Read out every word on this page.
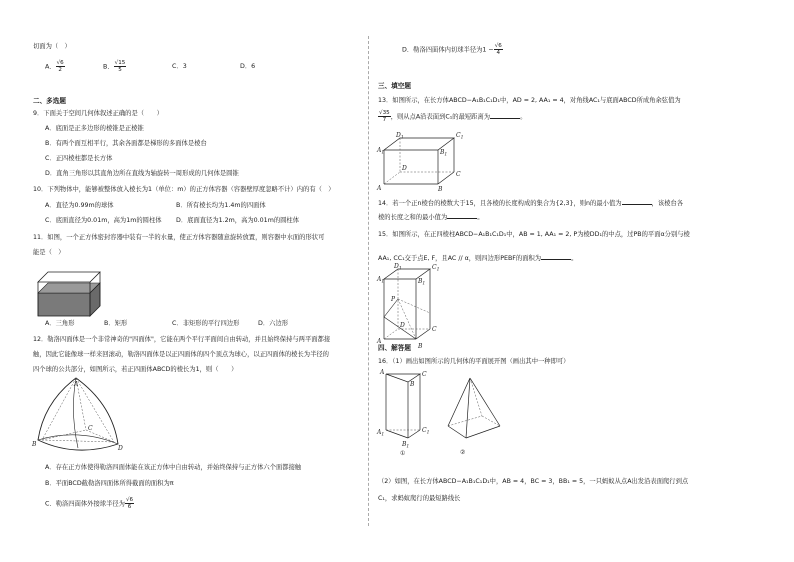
切面为（　）
A． $\frac{√6}{2}$	B． $\frac{√15}{5}$	C．3	D．6
二、多选题
9．下面关于空间几何体叙述正确的是（　　）
A．底面是正多边形的棱锥是正棱锥
B．有两个面互相平行，其余各面都是梯形的多面体是棱台
C．正四棱柱都是长方体
D．直角三角形以其直角边所在直线为轴旋转一周形成的几何体是圆锥
10．下列物体中，能够被整体放入棱长为1（单位：m）的正方体容器（容器壁厚度忽略不计）内的有（　）
A．直径为0.99m的球体	B．所有棱长均为1.4m的四面体
C．底面直径为0.01m，高为1m的圆柱体 D．底面直径为1.2m，高为0.01m的圆柱体
11．如图，一个正方体密封容器中装有一半的水量，使正方体容器随意旋转放置，则容器中水面的形状可
能是（　）
A．三角形	B．矩形	C．非矩形的平行四边形	D．六边形
12．勒洛四面体是一个非常神奇的"四面体"，它能在两个平行平面间自由转动，并且始终保持与两平面都接
触，因此它能像球一样来回滚动，勒洛四面体是以正四面体的四个顶点为球心，以正四面体的棱长为半径的
四个球的公共部分，如图所示，若正四面体ABCD的棱长为1，则（　　）
A
B
C
D
A．存在正方体使得勒洛四面体能在该正方体中自由转动，并始终保持与正方体六个面都接触
B．平面BCD截勒洛四面体所得截面的面积为π
C．勒洛四面体外接球半径为 $\frac{√6}{6}$
D．勒洛四面体内切球半径为$1 - \frac{√6}{4}$
三、填空题
13．如图所示，在长方体ABCD−A₁B₁C₁D₁中，AD = 2, AA₁ = 4，对角线AC₁与底面ABCD所成角余弦值为
$\frac{√35}{7}$ ，则从点A沿表面到C₁的最短距离为	。
$D_1$	$C_1$
$A_1$	$B_1$
D
C
A	B
14．若一个正n棱台的棱数大于15，且各棱的长度构成的集合为{2,3}，则n的最小值为	，该棱台各
棱的长度之和的最小值为	。
15．如图所示，在正四棱柱ABCD−A₁B₁C₁D₁中，AB = 1, AA₁ = 2, P为棱DD₁的中点，过PB的平面α分别与棱
AA₁, CC₁交于点E, F，且AC // α，则四边形PEBF的面积为	。
$D_1$	$C_1$
$A_1$	$B_1$
P
D
C
A
B
四、解答题
16．（1）画出如图所示的几何体的平面展开图（画出其中一种即可）
A	C
B
$A_1$
$C_1$
$B_1$
①	②
（2）如图，在长方体ABCD−A₁B₁C₁D₁中，AB = 4，BC = 3，BB₁ = 5，一只蚂蚁从点A出发沿表面爬行到点
C₁，求蚂蚁爬行的最短路线长
